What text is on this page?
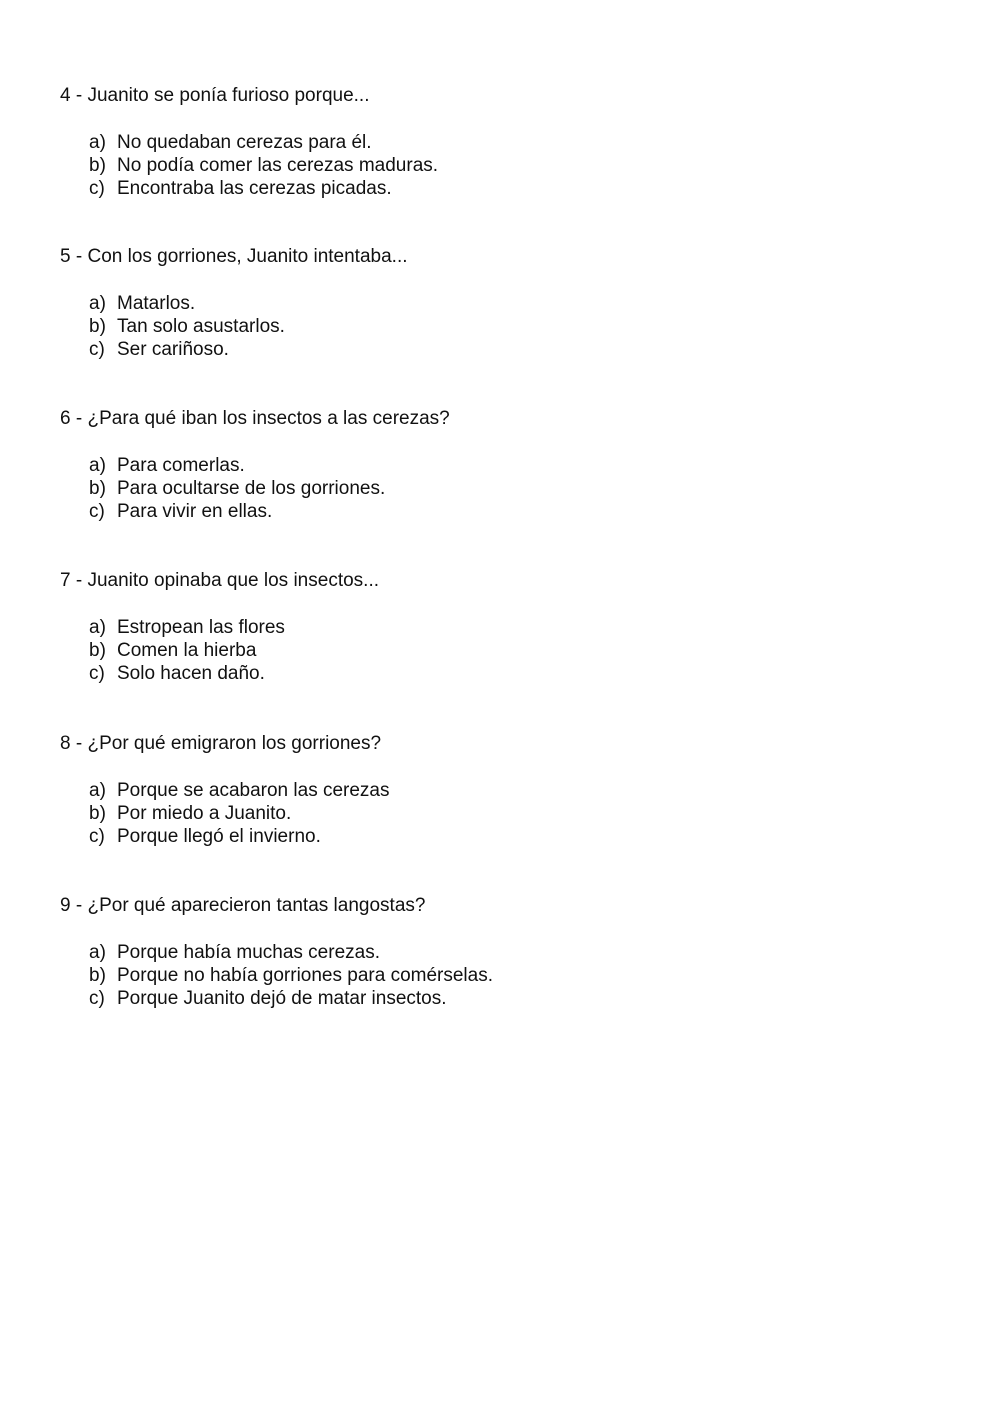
4 - Juanito se ponía furioso porque...
a) No quedaban cerezas para él.
b) No podía comer las cerezas maduras.
c) Encontraba las cerezas picadas.
5 - Con los gorriones, Juanito intentaba...
a) Matarlos.
b) Tan solo asustarlos.
c) Ser cariñoso.
6 - ¿Para qué iban los insectos a las cerezas?
a) Para comerlas.
b) Para ocultarse de los gorriones.
c) Para vivir en ellas.
7 - Juanito opinaba que los insectos...
a) Estropean las flores
b) Comen la hierba
c) Solo hacen daño.
8 - ¿Por qué emigraron los gorriones?
a) Porque se acabaron las cerezas
b) Por miedo a Juanito.
c) Porque llegó el invierno.
9 - ¿Por qué aparecieron tantas langostas?
a) Porque había muchas cerezas.
b) Porque no había gorriones para comérselas.
c) Porque Juanito dejó de matar insectos.
